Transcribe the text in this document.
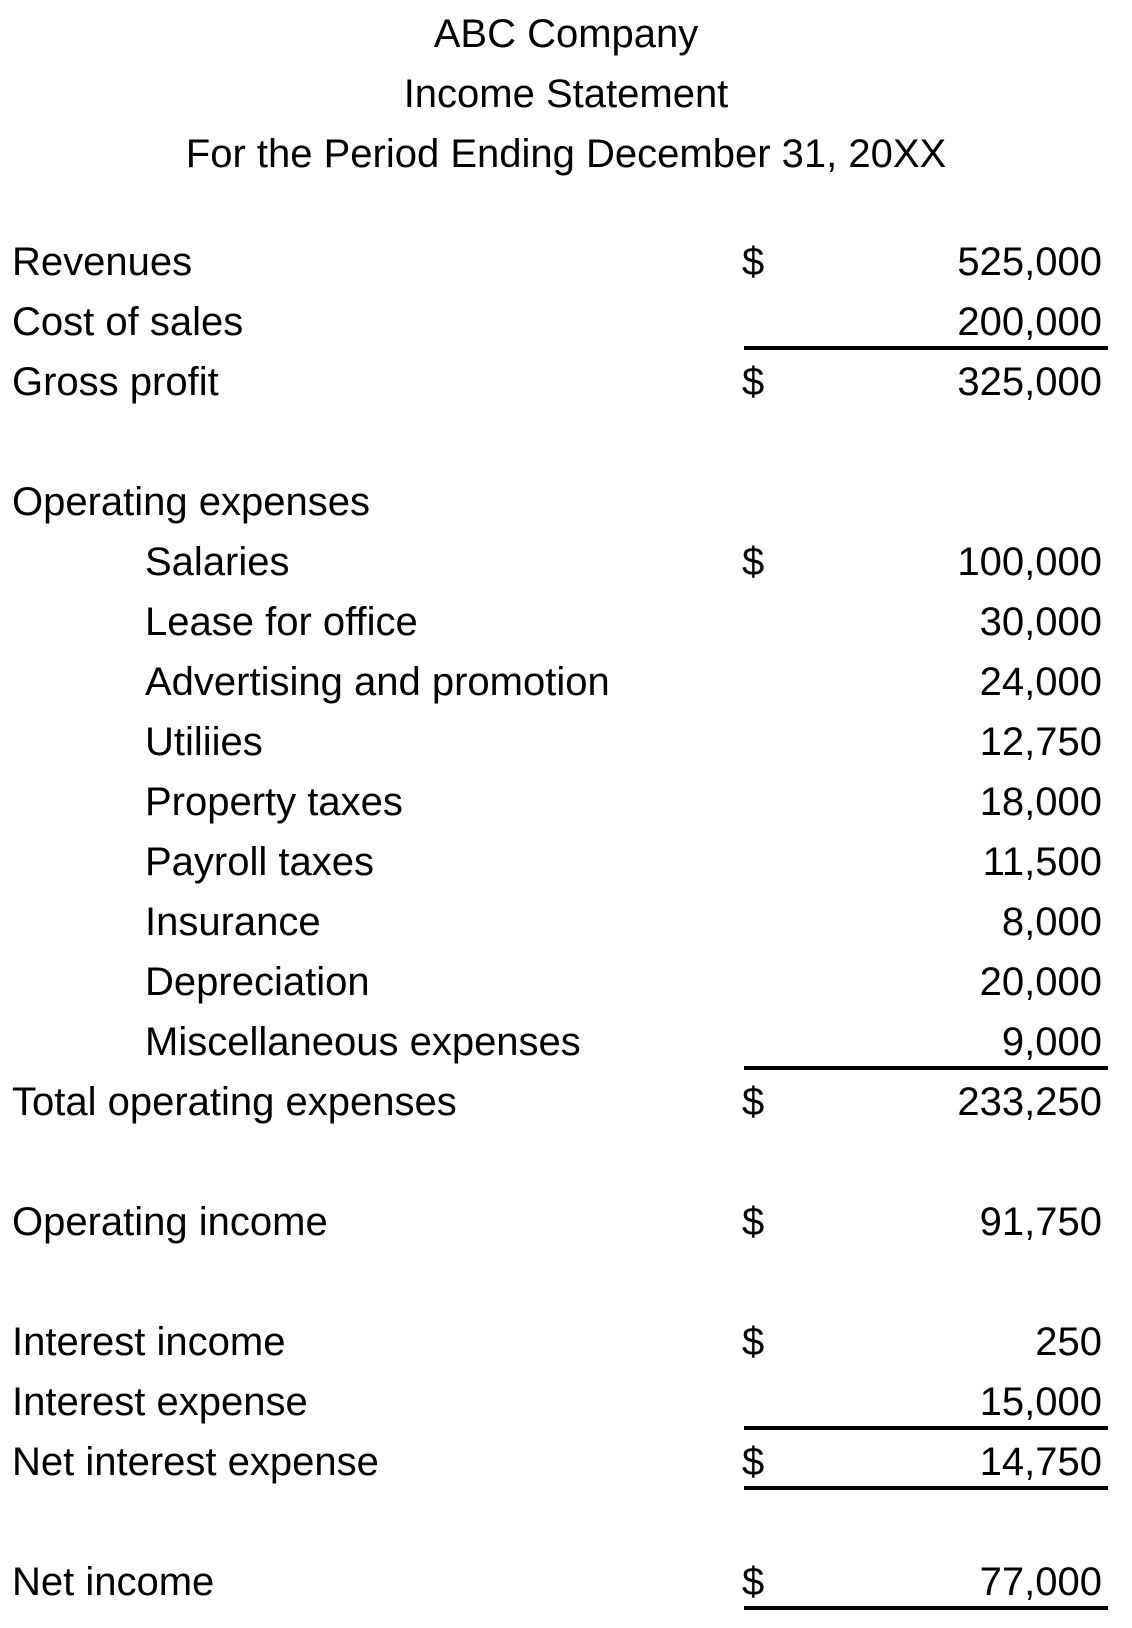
ABC Company
Income Statement
For the Period Ending December 31, 20XX
Revenues	$	525,000
Cost of sales	200,000
Gross profit	$	325,000
Operating expenses
Salaries	$	100,000
Lease for office	30,000
Advertising and promotion	24,000
Utiliies	12,750
Property taxes	18,000
Payroll taxes	11,500
Insurance	8,000
Depreciation	20,000
Miscellaneous expenses	9,000
Total operating expenses	$	233,250
Operating income	$	91,750
Interest income	$	250
Interest expense	15,000
Net interest expense	$	14,750
Net income	$	77,000
